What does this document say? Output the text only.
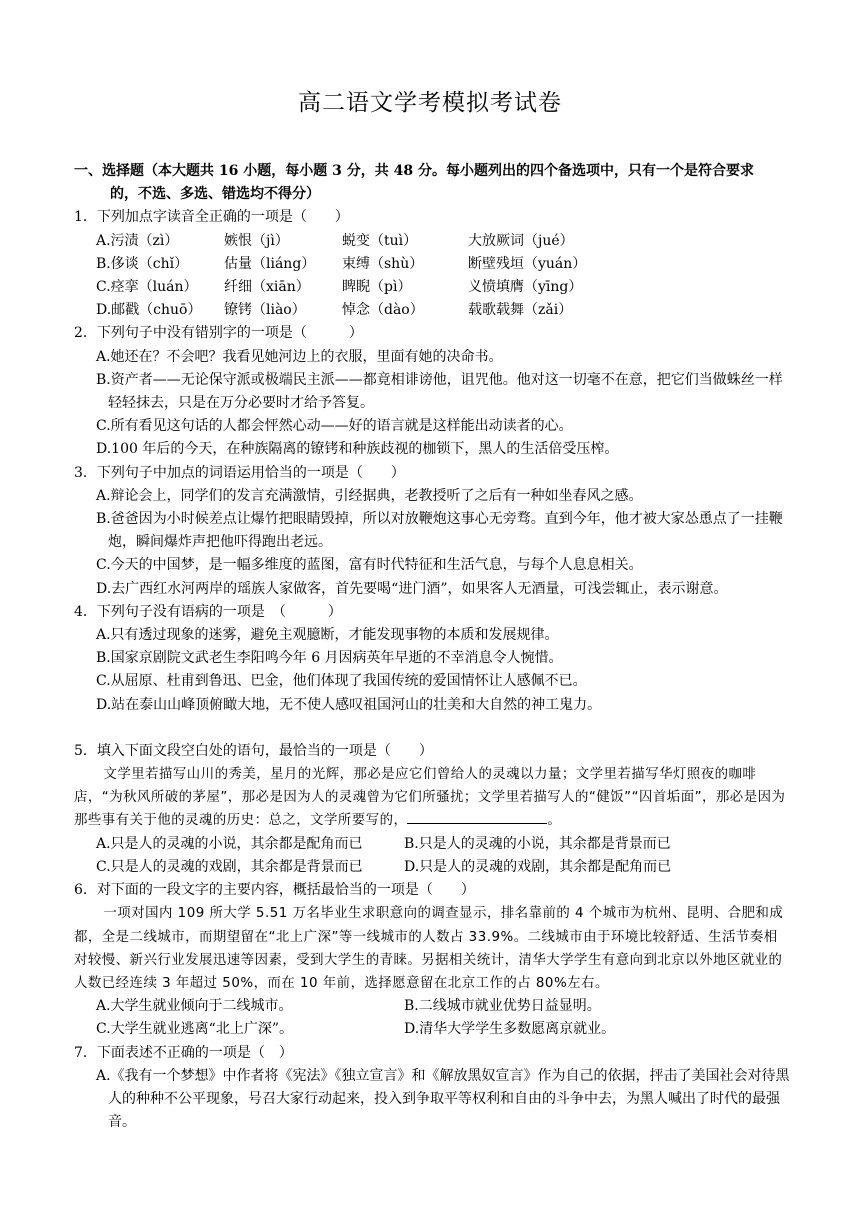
高二语文学考模拟考试卷
一、选择题（本大题共 16 小题，每小题 3 分，共 48 分。每小题列出的四个备选项中，只有一个是符合要求
的，不选、多选、错选均不得分）
1．下列加点字读音全正确的一项是（　　）
A.污渍（zì）	嫉恨（jì）	蜕变（tuì）	大放厥词（jué）
B.侈谈（chǐ）	估量（liáng）	束缚（shù）	断壁残垣（yuán）
C.痉挛（luán）	纤细（xiān）	睥睨（pì）	义愤填膺（yīng）
D.邮戳（chuō）	镣铐（liào）	悼念（dào）	载歌载舞（zǎi）
2．下列句子中没有错别字的一项是（　　　）
A.她还在？不会吧？我看见她河边上的衣服，里面有她的决命书。
B.资产者——无论保守派或极端民主派——都竟相诽谤他，诅咒他。他对这一切毫不在意，把它们当做蛛丝一样轻轻抹去，只是在万分必要时才给予答复。
C.所有看见这句话的人都会怦然心动——好的语言就是这样能出动读者的心。
D.100 年后的今天，在种族隔离的镣铐和种族歧视的枷锁下，黑人的生活倍受压榨。
3．下列句子中加点的词语运用恰当的一项是（　　）
A.辩论会上，同学们的发言充满激情，引经据典，老教授听了之后有一种如坐春风之感。
B.爸爸因为小时候差点让爆竹把眼睛毁掉，所以对放鞭炮这事心无旁骛。直到今年，他才被大家怂恿点了一挂鞭炮，瞬间爆炸声把他吓得跑出老远。
C.今天的中国梦，是一幅多维度的蓝图，富有时代特征和生活气息，与每个人息息相关。
D.去广西红水河两岸的瑶族人家做客，首先要喝“进门酒”，如果客人无酒量，可浅尝辄止，表示谢意。
4．下列句子没有语病的一项是　（　　　）
A.只有透过现象的迷雾，避免主观臆断，才能发现事物的本质和发展规律。
B.国家京剧院文武老生李阳鸣今年 6 月因病英年早逝的不幸消息令人惋惜。
C.从屈原、杜甫到鲁迅、巴金，他们体现了我国传统的爱国情怀让人感佩不已。
D.站在泰山山峰顶俯瞰大地，无不使人感叹祖国河山的壮美和大自然的神工鬼力。
5．填入下面文段空白处的语句，最恰当的一项是（　　）

文学里若描写山川的秀美，星月的光辉，那必是应它们曾给人的灵魂以力量；文学里若描写华灯照夜的咖啡店，“为秋风所破的茅屋”，那必是因为人的灵魂曾为它们所骚扰；文学里若描写人的“健饭”“囚首垢面”，那必是因为那些事有关于他的灵魂的历史：总之，文学所要写的，	。

A.只是人的灵魂的小说，其余都是配角而已	B.只是人的灵魂的小说，其余都是背景而已
C.只是人的灵魂的戏剧，其余都是背景而已	D.只是人的灵魂的戏剧，其余都是配角而已
6．对下面的一段文字的主要内容，概括最恰当的一项是（　　）

一项对国内 109 所大学 5.51 万名毕业生求职意向的调查显示，排名靠前的 4 个城市为杭州、昆明、合肥和成都，全是二线城市，而期望留在“北上广深”等一线城市的人数占 33.9%。二线城市由于环境比较舒适、生活节奏相对较慢、新兴行业发展迅速等因素，受到大学生的青睐。另据相关统计，清华大学学生有意向到北京以外地区就业的人数已经连续 3 年超过 50%，而在 10 年前，选择愿意留在北京工作的占 80%左右。

A.大学生就业倾向于二线城市。	B.二线城市就业优势日益显明。
C.大学生就业逃离“北上广深”。	D.清华大学学生多数愿离京就业。
7．下面表述不正确的一项是（　）
A.《我有一个梦想》中作者将《宪法》《独立宣言》和《解放黑奴宣言》作为自己的依据，抨击了美国社会对待黑人的种种不公平现象，号召大家行动起来，投入到争取平等权利和自由的斗争中去，为黑人喊出了时代的最强音。
